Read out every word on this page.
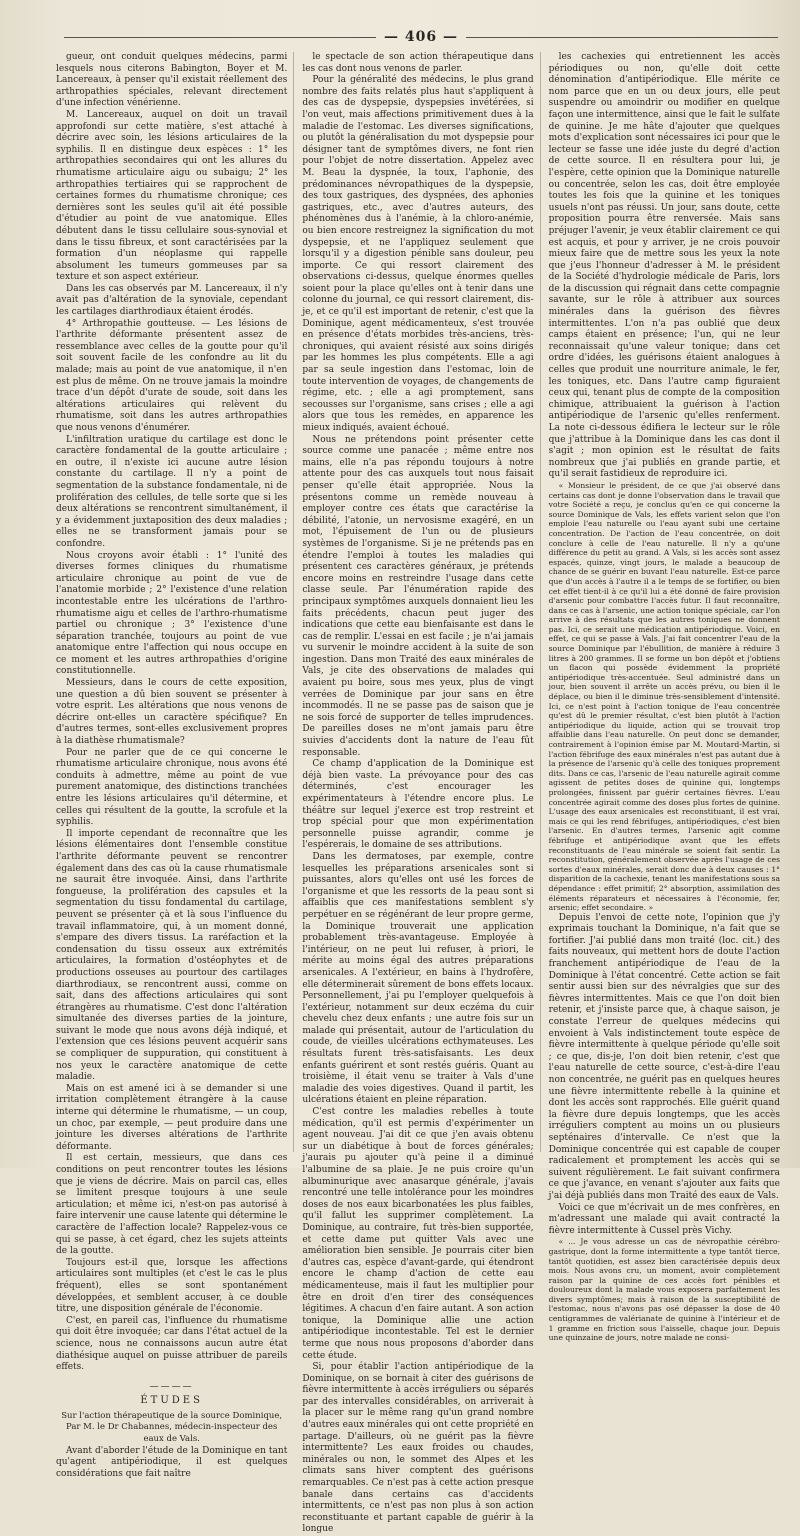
— 406 —

gueur, ont conduit quelques médecins, parmi lesquels nous citerons Babington, Boyer et M. Lancereaux, à penser qu'il existait réellement des arthropathies spéciales, relevant directement d'une infection vénérienne.

M. Lancereaux, auquel on doit un travail approfondi sur cette matière, s'est attaché à décrire avec soin, les lésions articulaires de la syphilis. Il en distingue deux espèces : 1° les arthropathies secondaires qui ont les allures du rhumatisme articulaire aigu ou subaigu; 2° les arthropathies tertiaires qui se rapprochent de certaines formes du rhumatisme chronique; ces dernières sont les seules qu'il ait été possible d'étudier au point de vue anatomique. Elles débutent dans le tissu cellulaire sous-synovial et dans le tissu fibreux, et sont caractérisées par la formation d'un néoplasme qui rappelle absolument les tumeurs gommeuses par sa texture et son aspect extérieur.

Dans les cas observés par M. Lancereaux, il n'y avait pas d'altération de la synoviale, cependant les cartilages diarthrodiaux étaient érodés.

4° Arthropathie goutteuse. — Les lésions de l'arthrite déformante présentent assez de ressemblance avec celles de la goutte pour qu'il soit souvent facile de les confondre au lit du malade; mais au point de vue anatomique, il n'en est plus de même. On ne trouve jamais la moindre trace d'un dépôt d'urate de soude, soit dans les altérations articulaires qui relèvent du rhumatisme, soit dans les autres arthropathies que nous venons d'énumérer.

L'infiltration uratique du cartilage est donc le caractère fondamental de la goutte articulaire ; en outre, il n'existe ici aucune autre lésion constante du cartilage. Il n'y a point de segmentation de la substance fondamentale, ni de prolifération des cellules, de telle sorte que si les deux altérations se rencontrent simultanément, il y a évidemment juxtaposition des deux maladies ; elles ne se transforment jamais pour se confondre.

Nous croyons avoir établi : 1° l'unité des diverses formes cliniques du rhumatisme articulaire chronique au point de vue de l'anatomie morbide ; 2° l'existence d'une relation incontestable entre les ulcérations de l'arthro-rhumatisme aigu et celles de l'arthro-rhumatisme partiel ou chronique ; 3° l'existence d'une séparation tranchée, toujours au point de vue anatomique entre l'affection qui nous occupe en ce moment et les autres arthropathies d'origine constitutionnelle.

Messieurs, dans le cours de cette exposition, une question a dû bien souvent se présenter à votre esprit. Les altérations que nous venons de décrire ont-elles un caractère spécifique? En d'autres termes, sont-elles exclusivement propres à la diathèse rhumatismale?

Pour ne parler que de ce qui concerne le rhumatisme articulaire chronique, nous avons été conduits à admettre, même au point de vue purement anatomique, des distinctions tranchées entre les lésions articulaires qu'il détermine, et celles qui résultent de la goutte, la scrofule et la syphilis.

Il importe cependant de reconnaître que les lésions élémentaires dont l'ensemble constitue l'arthrite déformante peuvent se rencontrer également dans des cas où la cause rhumatismale ne saurait être invoquée. Ainsi, dans l'arthrite fongueuse, la prolifération des capsules et la segmentation du tissu fondamental du cartilage, peuvent se présenter çà et là sous l'influence du travail inflammatoire, qui, à un moment donné, s'empare des divers tissus. La raréfaction et la condensation du tissu osseux aux extrémités articulaires, la formation d'ostéophytes et de productions osseuses au pourtour des cartilages diarthrodiaux, se rencontrent aussi, comme on sait, dans des affections articulaires qui sont étrangères au rhumatisme. C'est donc l'altération simultanée des diverses parties de la jointure, suivant le mode que nous avons déjà indiqué, et l'extension que ces lésions peuvent acquérir sans se compliquer de suppuration, qui constituent à nos yeux le caractère anatomique de cette maladie.

Mais on est amené ici à se demander si une irritation complètement étrangère à la cause interne qui détermine le rhumatisme, — un coup, un choc, par exemple, — peut produire dans une jointure les diverses altérations de l'arthrite déformante.

Il est certain, messieurs, que dans ces conditions on peut rencontrer toutes les lésions que je viens de décrire. Mais on parcil cas, elles se limitent presque toujours à une seule articulation; et même ici, n'est-on pas autorisé à faire intervenir une cause latente qui détermine le caractère de l'affection locale? Rappelez-vous ce qui se passe, à cet égard, chez les sujets atteints de la goutte.

Toujours est-il que, lorsque les affections articulaires sont multiples (et c'est le cas le plus fréquent), elles se sont spontanément développées, et semblent accuser, à ce double titre, une disposition générale de l'économie.

C'est, en pareil cas, l'influence du rhumatisme qui doit être invoquée; car dans l'état actuel de la science, nous ne connaissons aucun autre état diathésique auquel on puisse attribuer de pareils effets.

————
ÉTUDES

Sur l'action thérapeutique de la source Dominique,

Par M. le Dr Chabannes, médecin-inspecteur des eaux de Vals.

Avant d'aborder l'étude de la Dominique en tant qu'agent antipériodique, il est quelques considérations que fait naître

le spectacle de son action thérapeutique dans les cas dont nous venons de parler.

Pour la généralité des médecins, le plus grand nombre des faits relatés plus haut s'appliquent à des cas de dyspepsie, dyspepsies invétérées, si l'on veut, mais affections primitivement dues à la maladie de l'estomac. Les diverses significations, ou plutôt la généralisation du mot dyspepsie pour désigner tant de symptômes divers, ne font rien pour l'objet de notre dissertation. Appelez avec M. Beau la dyspnée, la toux, l'aphonie, des prédominances névropathiques de la dyspepsie, des toux gastriques, des dyspnées, des aphonies gastriques, etc., avec d'autres auteurs, des phénomènes dus à l'anémie, à la chloro-anémie, ou bien encore restreignez la signification du mot dyspepsie, et ne l'appliquez seulement que lorsqu'il y a digestion pénible sans douleur, peu importe. Ce qui ressort clairement des observations ci-dessus, quelque énormes quelles soient pour la place qu'elles ont à tenir dans une colonne du journal, ce qui ressort clairement, dis-je, et ce qu'il est important de retenir, c'est que la Dominique, agent médicamenteux, s'est trouvée en présence d'états morbides très-anciens, très-chroniques, qui avaient résisté aux soins dirigés par les hommes les plus compétents. Elle a agi par sa seule ingestion dans l'estomac, loin de toute intervention de voyages, de changements de régime, etc. ; elle a agi promptement, sans secousses sur l'organisme, sans crises ; elle a agi alors que tous les remèdes, en apparence les mieux indiqués, avaient échoué.

Nous ne prétendons point présenter cette source comme une panacée ; même entre nos mains, elle n'a pas répondu toujours à notre attente pour des cas auxquels tout nous faisait penser qu'elle était appropriée. Nous la présentons comme un remède nouveau à employer contre ces états que caractérise la débilité, l'atonie, un nervosisme exagéré, en un mot, l'épuisement de l'un ou de plusieurs systèmes de l'organisme. Si je ne prétends pas en étendre l'emploi à toutes les maladies qui présentent ces caractères généraux, je prétends encore moins en restreindre l'usage dans cette classe seule. Par l'énumération rapide des principaux symptômes auxquels donnaient lieu les faits précédents, chacun peut juger des indications que cette eau bienfaisante est dans le cas de remplir. L'essai en est facile ; je n'ai jamais vu survenir le moindre accident à la suite de son ingestion. Dans mon Traité des eaux minérales de Vals, je cite des observations de malades qui avaient pu boire, sous mes yeux, plus de vingt verrées de Dominique par jour sans en être incommodés. Il ne se passe pas de saison que je ne sois forcé de supporter de telles imprudences. De pareilles doses ne m'ont jamais paru être suivies d'accidents dont la nature de l'eau fût responsable.

Ce champ d'application de la Dominique est déjà bien vaste. La prévoyance pour des cas déterminés, c'est encourager les expérimentateurs à l'étendre encore plus. Le théâtre sur lequel j'exerce est trop restreint et trop spécial pour que mon expérimentation personnelle puisse agrandir, comme je l'espérerais, le domaine de ses attributions.

Dans les dermatoses, par exemple, contre lesquelles les préparations arsenicales sont si puissantes, alors qu'elles ont usé les forces de l'organisme et que les ressorts de la peau sont si affaiblis que ces manifestations semblent s'y perpétuer en se régénérant de leur propre germe, la Dominique trouverait une application probablement très-avantageuse. Employée à l'intérieur, on ne peut lui refuser, à priori, le mérite au moins égal des autres préparations arsenicales. A l'extérieur, en bains à l'hydrofère, elle déterminerait sûrement de bons effets locaux. Personnellement, j'ai pu l'employer quelquefois à l'extérieur, notamment sur deux eczéma du cuir chevelu chez deux enfants ; une autre fois sur un malade qui présentait, autour de l'articulation du coude, de vieilles ulcérations ecthymateuses. Les résultats furent très-satisfaisants. Les deux enfants guérirent et sont restés guéris. Quant au troisième, il était venu se traiter à Vals d'une maladie des voies digestives. Quand il partit, les ulcérations étaient en pleine réparation.

C'est contre les maladies rebelles à toute médication, qu'il est permis d'expérimenter un agent nouveau. J'ai dit ce que j'en avais obtenu sur un diabétique à bout de forces générales; j'aurais pu ajouter qu'à peine il a diminué l'albumine de sa plaie. Je ne puis croire qu'un albuminurique avec anasarque générale, j'avais rencontré une telle intolérance pour les moindres doses de nos eaux bicarbonatées les plus faibles, qu'il fallut les supprimer complètement. La Dominique, au contraire, fut très-bien supportée, et cette dame put quitter Vals avec une amélioration bien sensible. Je pourrais citer bien d'autres cas, espèce d'avant-garde, qui étendront encore le champ d'action de cette eau médicamenteuse, mais il faut les multiplier pour être en droit d'en tirer des conséquences légitimes. A chacun d'en faire autant. A son action tonique, la Dominique allie une action antipériodique incontestable. Tel est le dernier terme que nous nous proposons d'aborder dans cette étude.

Si, pour établir l'action antipériodique de la Dominique, on se bornait à citer des guérisons de fièvre intermittente à accès irréguliers ou séparés par des intervalles considérables, on arriverait à la placer sur le même rang qu'un grand nombre d'autres eaux minérales qui ont cette propriété en partage. D'ailleurs, où ne guérit pas la fièvre intermittente? Les eaux froides ou chaudes, minérales ou non, le sommet des Alpes et les climats sans hiver comptent des guérisons remarquables. Ce n'est pas à cette action presque banale dans certains cas d'accidents intermittents, ce n'est pas non plus à son action reconstituante et partant capable de guérir à la longue

les cachexies qui entretiennent les accès périodiques ou non, qu'elle doit cette dénomination d'antipériodique. Elle mérite ce nom parce que en un ou deux jours, elle peut suspendre ou amoindrir ou modifier en quelque façon une intermittence, ainsi que le fait le sulfate de quinine. Je me hâte d'ajouter que quelques mots d'explication sont nécessaires ici pour que le lecteur se fasse une idée juste du degré d'action de cette source. Il en résultera pour lui, je l'espère, cette opinion que la Dominique naturelle ou concentrée, selon les cas, doit être employée toutes les fois que la quinine et les toniques usuels n'ont pas réussi. Un jour, sans doute, cette proposition pourra être renversée. Mais sans préjuger l'avenir, je veux établir clairement ce qui est acquis, et pour y arriver, je ne crois pouvoir mieux faire que de mettre sous les yeux la note que j'eus l'honneur d'adresser à M. le président de la Société d'hydrologie médicale de Paris, lors de la discussion qui régnait dans cette compagnie savante, sur le rôle à attribuer aux sources minérales dans la guérison des fièvres intermittentes. L'on n'a pas oublié que deux camps étaient en présence; l'un, qui ne leur reconnaissait qu'une valeur tonique; dans cet ordre d'idées, les guérisons étaient analogues à celles que produit une nourriture animale, le fer, les toniques, etc. Dans l'autre camp figuraient ceux qui, tenant plus de compte de la composition chimique, attribuaient la guérison à l'action antipériodique de l'arsenic qu'elles renferment. La note ci-dessous édifiera le lecteur sur le rôle que j'attribue à la Dominique dans les cas dont il s'agit ; mon opinion est le résultat de faits nombreux que j'ai publiés en grande partie, et qu'il serait fastidieux de reproduire ici.

« Monsieur le président, de ce que j'ai observé dans certains cas dont je donne l'observation dans le travail que votre Société a reçu, je conclus qu'en ce qui concerne la source Dominique de Vals, les effets varient selon que l'on emploie l'eau naturelle ou l'eau ayant subi une certaine concentration. De l'action de l'eau concentrée, on doit conclure à celle de l'eau naturelle. Il n'y a qu'une différence du petit au grand. A Vals, si les accès sont assez espacés, quinze, vingt jours, le malade a beaucoup de chance de se guérir en buvant l'eau naturelle. Est-ce parce que d'un accès à l'autre il a le temps de se fortifier, ou bien cet effet tient-il à ce qu'il lui a été donné de faire provision d'arsenic pour combattre l'accès futur. Il faut reconnaître, dans ce cas à l'arsenic, une action tonique spéciale, car l'on arrive à des résultats que les autres toniques ne donnent pas. Ici, ce serait une médication antipériodique. Voici, en effet, ce qui se passe à Vals. J'ai fait concentrer l'eau de la source Dominique par l'ébullition, de manière à réduire 3 litres à 200 grammes. Il se forme un bon dépôt et j'obtiens un flacon qui possède évidemment la propriété antipériodique très-accentuée. Seul administré dans un jour, bien souvent il arrête un accès prévu, ou bien il le déplace, ou bien il le diminue très-sensiblement d'intensité. Ici, ce n'est point à l'action tonique de l'eau concentrée qu'est dû le premier résultat, c'est bien plutôt à l'action antipériodique du liquide, action qui se trouvait trop affaiblie dans l'eau naturelle. On peut donc se demander, contrairement à l'opinion émise par M. Moutard-Martin, si l'action fébrifuge des eaux minérales n'est pas autant due à la présence de l'arsenic qu'à celle des toniques proprement dits. Dans ce cas, l'arsenic de l'eau naturelle agirait comme agissent de petites doses de quinine qui, longtemps prolongées, finissent par guérir certaines fièvres. L'eau concentrée agirait comme des doses plus fortes de quinine. L'usage des eaux arsenicales est reconstituant, il est vrai, mais ce qui les rend fébrifuges, antipériodiques, c'est bien l'arsenic. En d'autres termes, l'arsenic agit comme fébrifuge et antipériodique avant que les effets reconstituants de l'eau minérale se soient fait sentir. La reconstitution, généralement observée après l'usage de ces sortes d'eaux minérales, serait donc due à deux causes : 1° disparition de la cachexie, tenant les manifestations sous sa dépendance : effet primitif; 2° absorption, assimilation des éléments réparateurs et nécessaires à l'économie, fer, arsenic; effet secondaire. »

Depuis l'envoi de cette note, l'opinion que j'y exprimais touchant la Dominique, n'a fait que se fortifier. J'ai publié dans mon traité (loc. cit.) des faits nouveaux, qui mettent hors de doute l'action franchement antipériodique de l'eau de la Dominique à l'état concentré. Cette action se fait sentir aussi bien sur des névralgies que sur des fièvres intermittentes. Mais ce que l'on doit bien retenir, et j'insiste parce que, à chaque saison, je constate l'erreur de quelques médecins qui envoient à Vals indistinctement toute espèce de fièvre intermittente à quelque période qu'elle soit ; ce que, dis-je, l'on doit bien retenir, c'est que l'eau naturelle de cette source, c'est-à-dire l'eau non concentrée, ne guérit pas en quelques heures une fièvre intermittente rebelle à la quinine et dont les accès sont rapprochés. Elle guérit quand la fièvre dure depuis longtemps, que les accès irréguliers comptent au moins un ou plusieurs septénaires d'intervalle. Ce n'est que la Dominique concentrée qui est capable de couper radicalement et promptement les accès qui se suivent régulièrement. Le fait suivant confirmera ce que j'avance, en venant s'ajouter aux faits que j'ai déjà publiés dans mon Traité des eaux de Vals.

Voici ce que m'écrivait un de mes confrères, en m'adressant une malade qui avait contracté la fièvre intermittente à Cussel près Vichy.

« ... Je vous adresse un cas de névropathie cérébro-gastrique, dont la forme intermittente a type tantôt tierce, tantôt quotidien, est assez bien caractérisée depuis deux mois. Nous avons cru, un moment, avoir complètement raison par la quinine de ces accès fort pénibles et douloureux dont la malade vous exposera parfaitement les divers symptômes; mais à raison de la susceptibilité de l'estomac, nous n'avons pas osé dépasser la dose de 40 centigrammes de valérianate de quinine à l'intérieur et de 1 gramme en friction sous l'aisselle, chaque jour. Depuis une quinzaine de jours, notre malade ne consi-
